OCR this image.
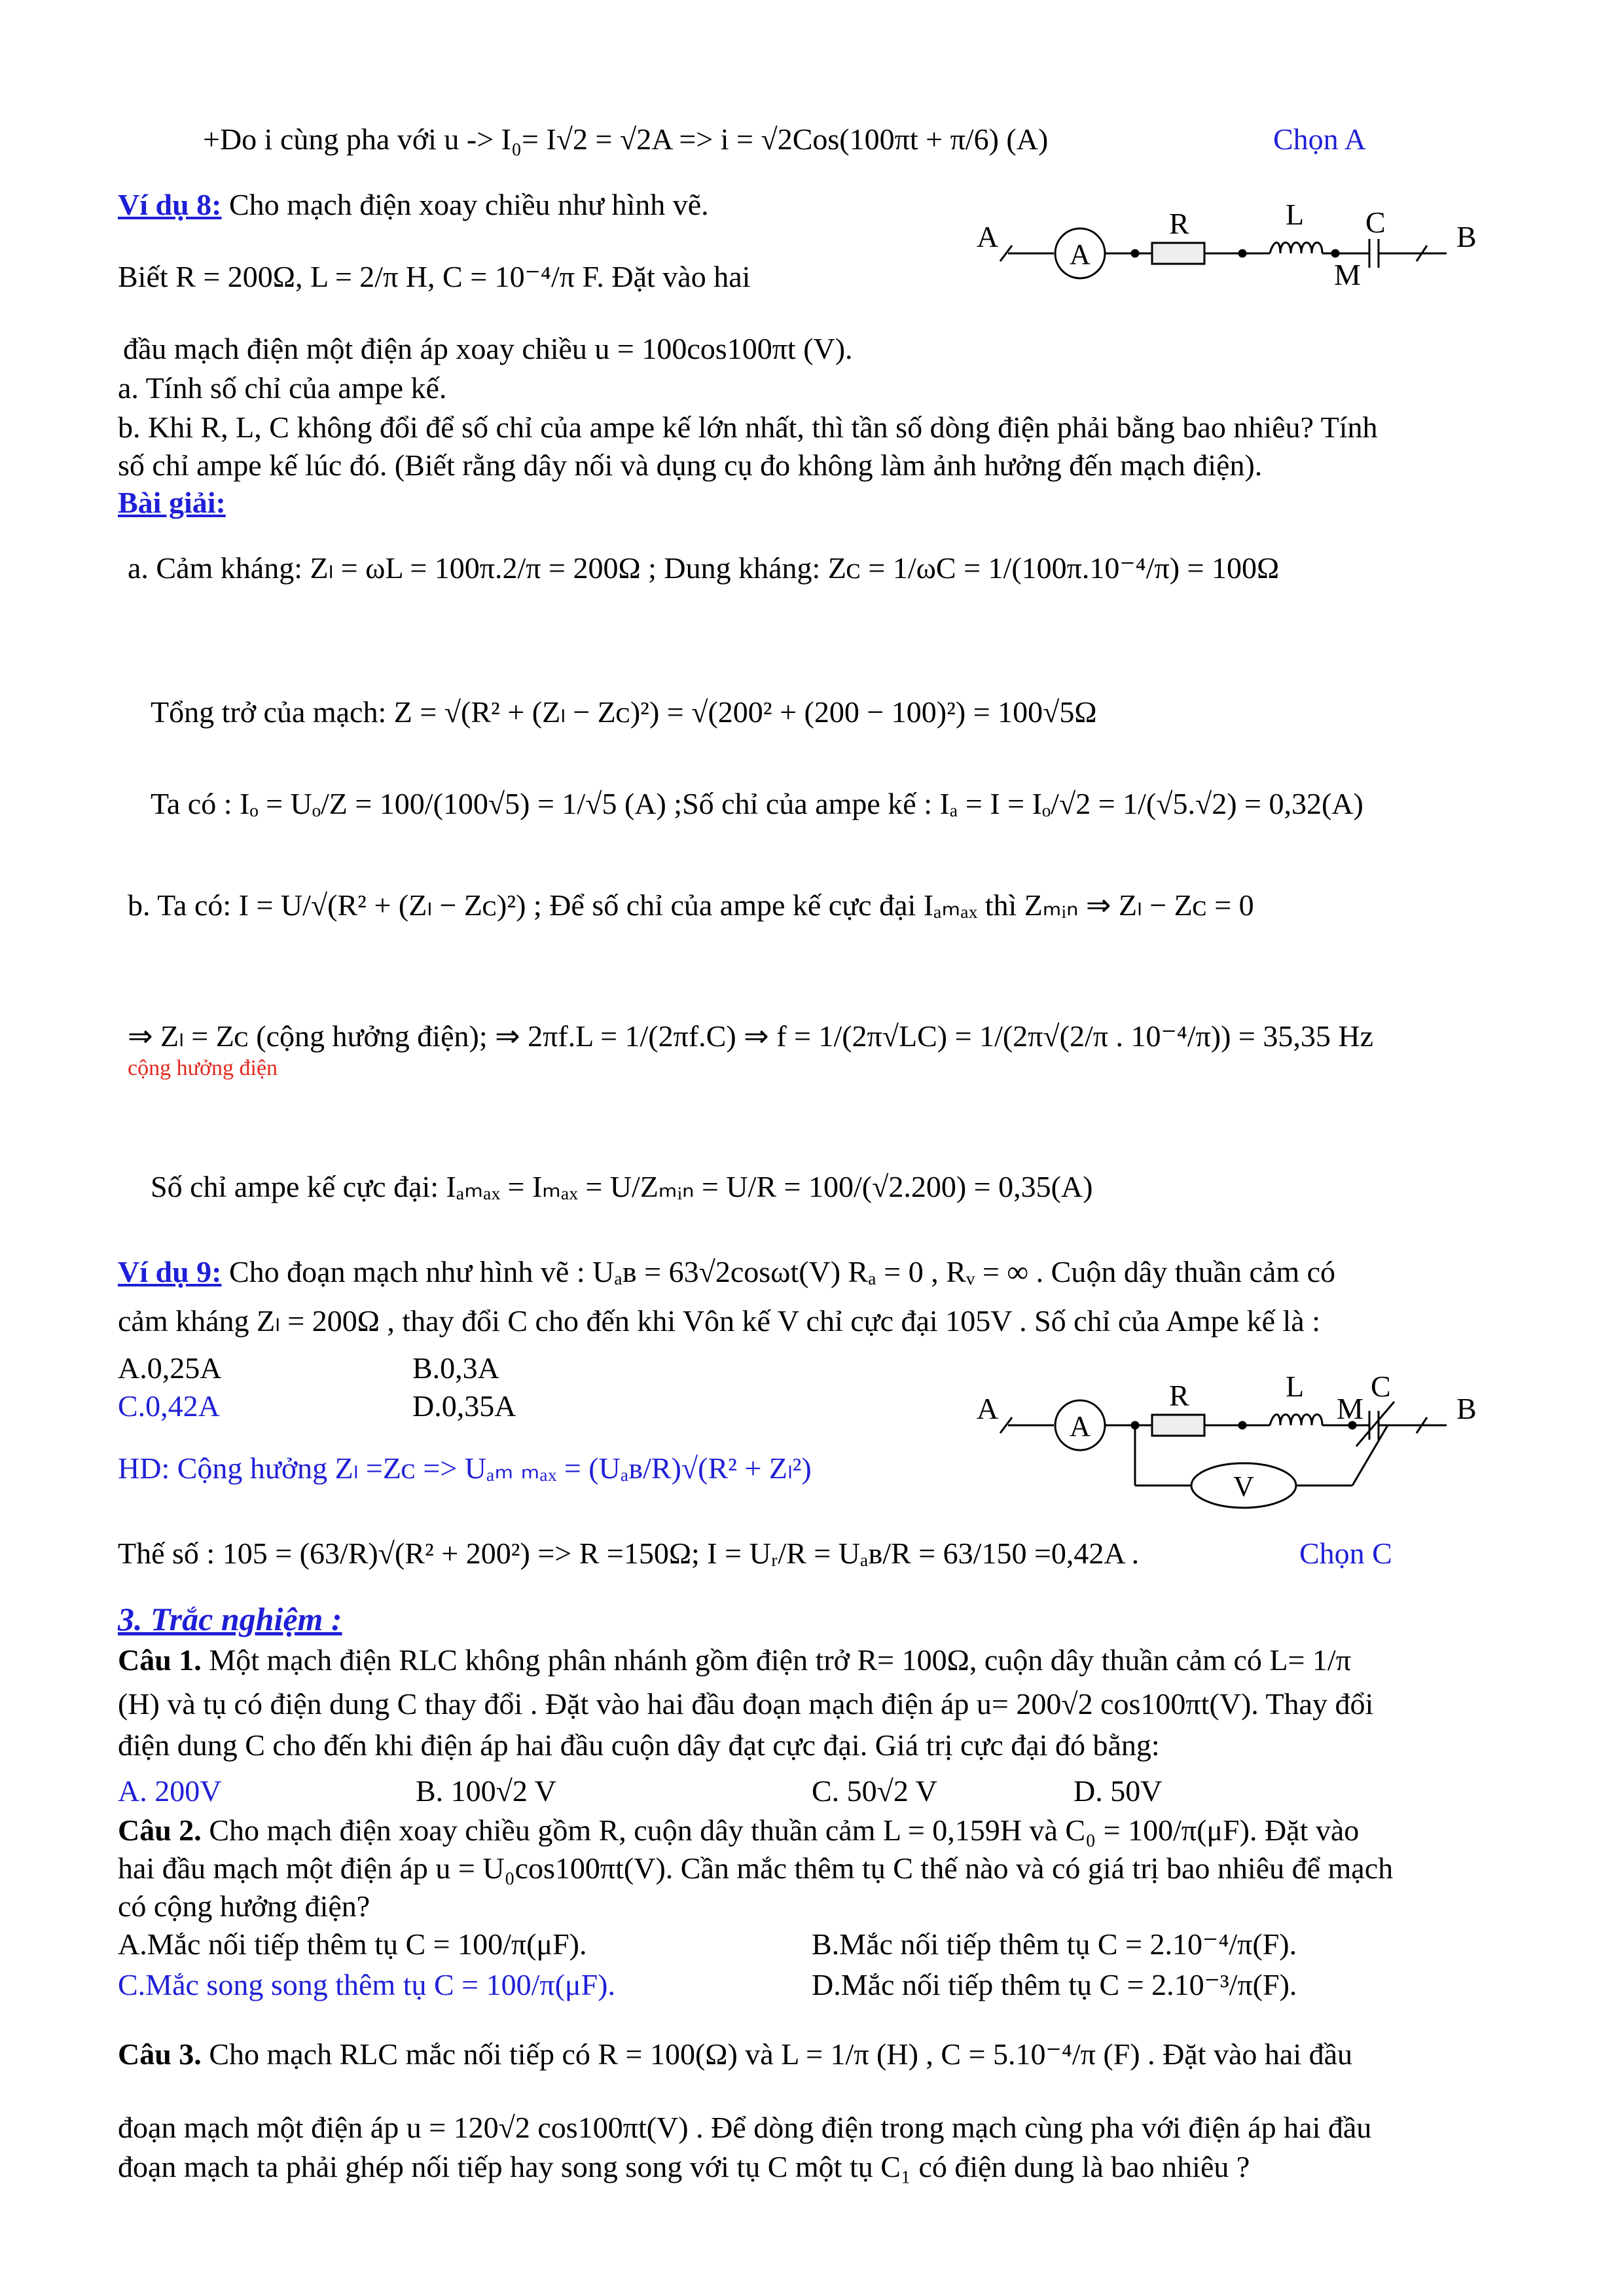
+Do i cùng pha với u -> I₀= I√2 = √2A => i = √2Cos(100πt + π/6) (A)	Chọn A
Ví dụ 8: Cho mạch điện xoay chiều như hình vẽ.
Biết R = 200Ω, L = 2/π H, C = 10⁻⁴/π F. Đặt vào hai
đầu mạch điện một điện áp xoay chiều u = 100cos100πt (V).
a. Tính số chỉ của ampe kế.
b. Khi R, L, C không đổi để số chỉ của ampe kế lớn nhất, thì tần số dòng điện phải bằng bao nhiêu? Tính
số chỉ ampe kế lúc đó. (Biết rằng dây nối và dụng cụ đo không làm ảnh hưởng đến mạch điện).
A
A
R	L C
M
B
Bài giải:
a. Cảm kháng: Zₗ = ωL = 100π.2/π = 200Ω ; Dung kháng: Zᴄ = 1/ωC = 1/(100π.10⁻⁴/π) = 100Ω
Tổng trở của mạch: Z = √(R² + (Zₗ − Zᴄ)²) = √(200² + (200 − 100)²) = 100√5Ω
Ta có : Iₒ = Uₒ/Z = 100/(100√5) = 1/√5 (A) ;Số chỉ của ampe kế : Iₐ = I = Iₒ/√2 = 1/(√5.√2) = 0,32(A)
b. Ta có: I = U/√(R² + (Zₗ − Zᴄ)²) ; Để số chỉ của ampe kế cực đại Iₐₘₐₓ thì Zₘᵢₙ ⇒ Zₗ − Zᴄ = 0
⇒ Zₗ = Zᴄ (cộng hưởng điện); ⇒ 2πf.L = 1/(2πf.C) ⇒ f = 1/(2π√LC) = 1/(2π√(2/π . 10⁻⁴/π)) = 35,35 Hz
cộng hưởng điện
Số chỉ ampe kế cực đại: Iₐₘₐₓ = Iₘₐₓ = U/Zₘᵢₙ = U/R = 100/(√2.200) = 0,35(A)
Ví dụ 9: Cho đoạn mạch như hình vẽ : Uₐʙ = 63√2cosωt(V) Rₐ = 0 , Rᵥ = ∞ . Cuộn dây thuần cảm có
cảm kháng Zₗ = 200Ω , thay đổi C cho đến khi Vôn kế V chỉ cực đại 105V . Số chỉ của Ampe kế là :
A.0,25A	B.0,3A
C.0,42A	D.0,35A
HD: Cộng hưởng Zₗ =Zᴄ => Uₐₘ ₘₐₓ = (Uₐʙ/R)√(R² + Zₗ²)
Thế số : 105 = (63/R)√(R² + 200²) => R =150Ω; I = Uᵣ/R = Uₐʙ/R = 63/150 =0,42A .	Chọn C
A
A
R	L C
M	B
V
3. Trắc nghiệm :
Câu 1. Một mạch điện RLC không phân nhánh gồm điện trở R= 100Ω, cuộn dây thuần cảm có L= 1/π
(H) và tụ có điện dung C thay đổi . Đặt vào hai đầu đoạn mạch điện áp u= 200√2 cos100πt(V). Thay đổi
điện dung C cho đến khi điện áp hai đầu cuộn dây đạt cực đại. Giá trị cực đại đó bằng:
A. 200V	B. 100√2 V	C. 50√2 V	D. 50V
Câu 2. Cho mạch điện xoay chiều gồm R, cuộn dây thuần cảm L = 0,159H và C₀ = 100/π(μF). Đặt vào
hai đầu mạch một điện áp u = U₀cos100πt(V). Cần mắc thêm tụ C thế nào và có giá trị bao nhiêu để mạch
có cộng hưởng điện?
A.Mắc nối tiếp thêm tụ C = 100/π(μF).	B.Mắc nối tiếp thêm tụ C = 2.10⁻⁴/π(F).
C.Mắc song song thêm tụ C = 100/π(μF).	D.Mắc nối tiếp thêm tụ C = 2.10⁻³/π(F).
Câu 3. Cho mạch RLC mắc nối tiếp có R = 100(Ω) và L = 1/π (H) , C = 5.10⁻⁴/π (F) . Đặt vào hai đầu
đoạn mạch một điện áp u = 120√2 cos100πt(V) . Để dòng điện trong mạch cùng pha với điện áp hai đầu
đoạn mạch ta phải ghép nối tiếp hay song song với tụ C một tụ C₁ có điện dung là bao nhiêu ?
